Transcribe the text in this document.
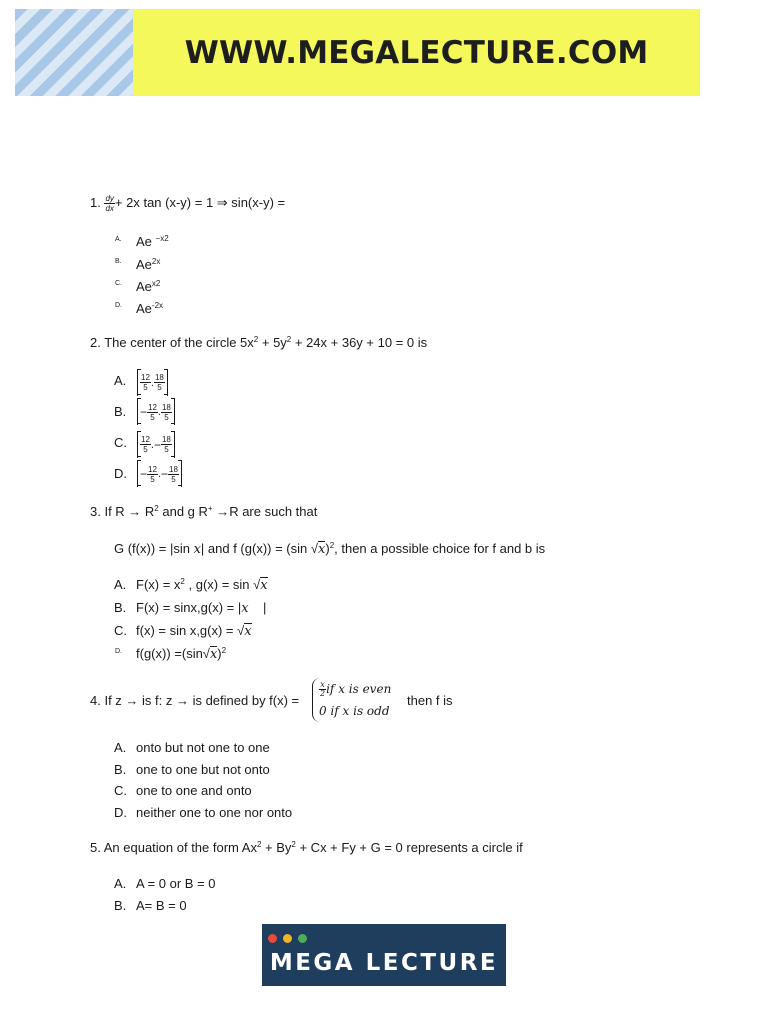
WWW.MEGALECTURE.COM
1. $\frac{dy}{dx} + 2x$ tan (x-y) = 1 ⇒ sin(x-y) =
A. Ae $^{-x2}$
B. $Ae^{2x}$
C. $Ae^{x2}$
D. $Ae^{-2x}$
2. The center of the circle $5x^2 + 5y^2 + 24x + 36y + 10 = 0$ is
A. $\frac{12}{5}$ . $\frac{18}{5}$
B. − $\frac{12}{5}$ . $\frac{18}{5}$
C. $\frac{12}{5}$ . − $\frac{18}{5}$
D. − $\frac{12}{5}$ . − $\frac{18}{5}$
3. If $R \to R^2$ and g R+ →R are such that
G (f(x)) = |sin x| and f (g(x)) = (sin √x)$^2$, then a possible choice for f and b is
A. $F(x) = x^2$ , g(x) = sin √x
B. F(x) = sinx,g(x) = |x    |
C. f(x) = sin x,g(x) = √x
D. $f(g(x)) =(\sin√x)^2$
4. If z → is f: z → is defined by f(x) =
$\frac{x}{2}$ if x is even
0 if x is odd
then f is
A. onto but not one to one
B. one to one but not onto
C. one to one and onto
D. neither one to one nor onto
5. An equation of the form $Ax^2 + By^2 + Cx + Fy + G = 0$ represents a circle if
A. A = 0 or B = 0
B. A= B = 0
MEGA LECTURE
